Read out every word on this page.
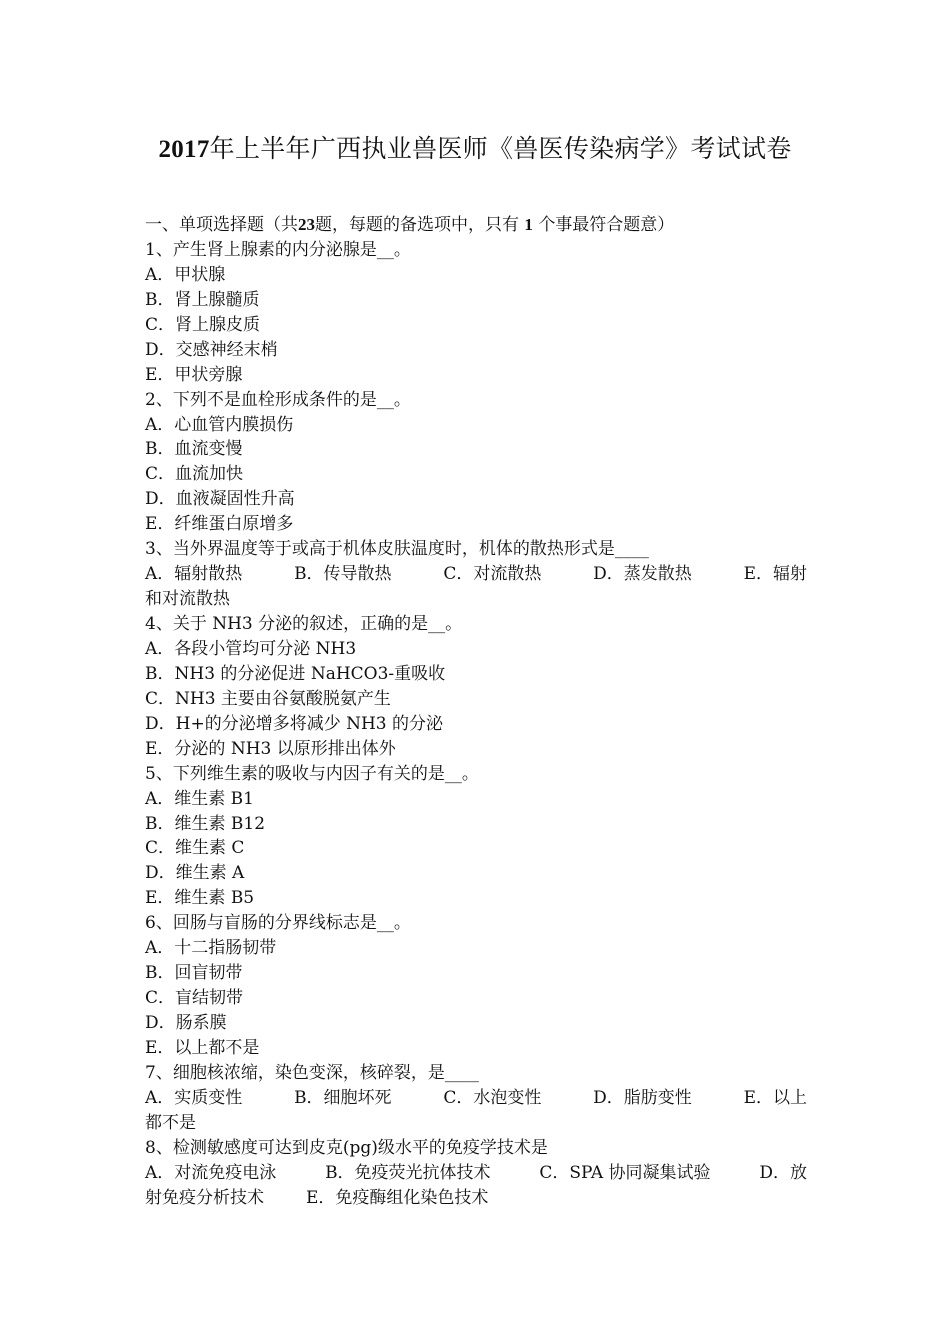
2017年上半年广西执业兽医师《兽医传染病学》考试试卷
一、单项选择题（共23题，每题的备选项中，只有 1 个事最符合题意）
1、产生肾上腺素的内分泌腺是__。
A．甲状腺
B．肾上腺髓质
C．肾上腺皮质
D．交感神经末梢
E．甲状旁腺
2、下列不是血栓形成条件的是__。
A．心血管内膜损伤
B．血流变慢
C．血流加快
D．血液凝固性升高
E．纤维蛋白原增多
3、当外界温度等于或高于机体皮肤温度时，机体的散热形式是____
A．辐射散热	B．传导散热	C．对流散热	D．蒸发散热	E．辐射
和对流散热
4、关于 NH3 分泌的叙述，正确的是__。
A．各段小管均可分泌 NH3
B．NH3 的分泌促进 NaHCO3-重吸收
C．NH3 主要由谷氨酸脱氨产生
D．H+的分泌增多将减少 NH3 的分泌
E．分泌的 NH3 以原形排出体外
5、下列维生素的吸收与内因子有关的是__。
A．维生素 B1
B．维生素 B12
C．维生素 C
D．维生素 A
E．维生素 B5
6、回肠与盲肠的分界线标志是__。
A．十二指肠韧带
B．回盲韧带
C．盲结韧带
D．肠系膜
E．以上都不是
7、细胞核浓缩，染色变深，核碎裂，是____
A．实质变性	B．细胞坏死	C．水泡变性	D．脂肪变性	E．以上
都不是
8、检测敏感度可达到皮克(pg)级水平的免疫学技术是
A．对流免疫电泳	B．免疫荧光抗体技术	C．SPA 协同凝集试验	D．放
射免疫分析技术 E．免疫酶组化染色技术
